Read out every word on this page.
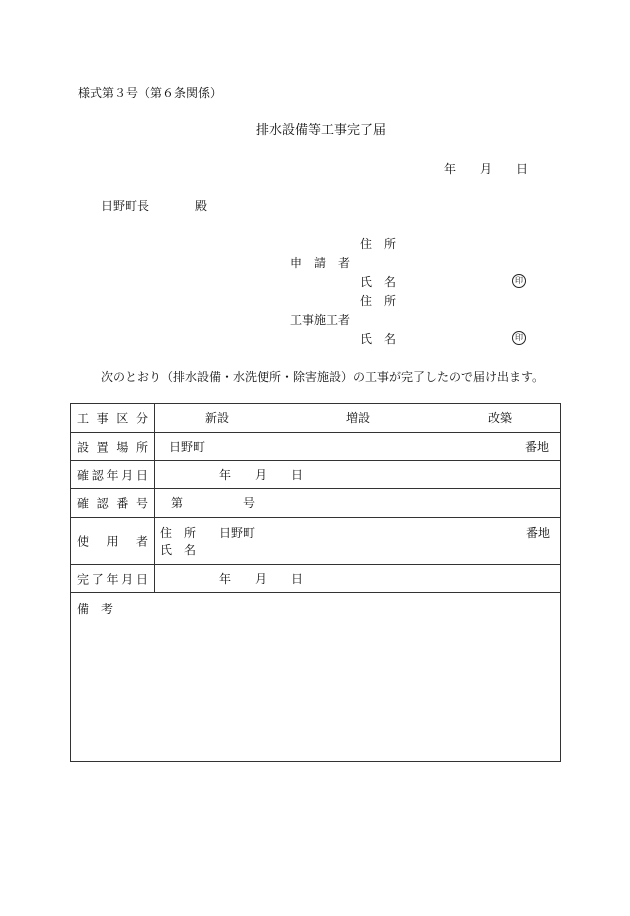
様式第３号（第６条関係）
排水設備等工事完了届
年 月 日
日野町長	殿
住 所
申 請 者
氏 名	印
住 所
工事施工者
氏 名	印
次のとおり（排水設備・水洗便所・除害施設）の工事が完了したので届け出ます。
工 事 区 分	新設	増設	改築
設 置 場 所 日野町	番地
確 認 年 月 日	年 月 日
確 認 番 号 第	号
使 用 者
住　所 日野町	番地
氏　名
完 了 年 月 日	年 月 日
備　考
